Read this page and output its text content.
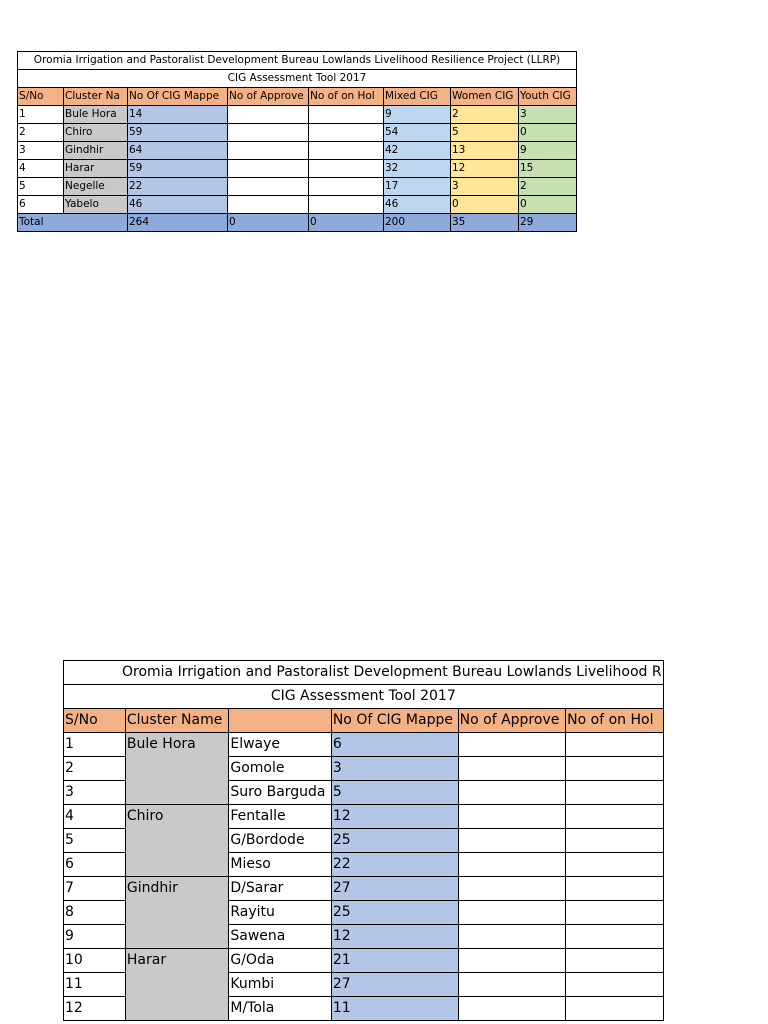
Oromia Irrigation and Pastoralist Development Bureau Lowlands Livelihood Resilience Project (LLRP)							
CIG Assessment Tool 2017							
S/No	Cluster Na	No Of CIG Mappe	No of Approve	No of on Hol	Mixed CIG	Women CIG	Youth CIG
1	Bule Hora	14			9	2	3
2	Chiro	59			54	5	0
3	Gindhir	64			42	13	9
4	Harar	59			32	12	15
5	Negelle	22			17	3	2
6	Yabelo	46			46	0	0
Total		264	0	0	200	35	29
Oromia Irrigation and Pastoralist Development Bureau Lowlands Livelihood R					
CIG Assessment Tool 2017					
S/No	Cluster Name		No Of CIG Mappe	No of Approve	No of on Hol
1	Bule Hora	Elwaye	6		
2		Gomole	3		
3		Suro Barguda	5		
4	Chiro	Fentalle	12		
5		G/Bordode	25		
6		Mieso	22		
7	Gindhir	D/Sarar	27		
8		Rayitu	25		
9		Sawena	12		
10	Harar	G/Oda	21		
11		Kumbi	27		
12		M/Tola	11		
